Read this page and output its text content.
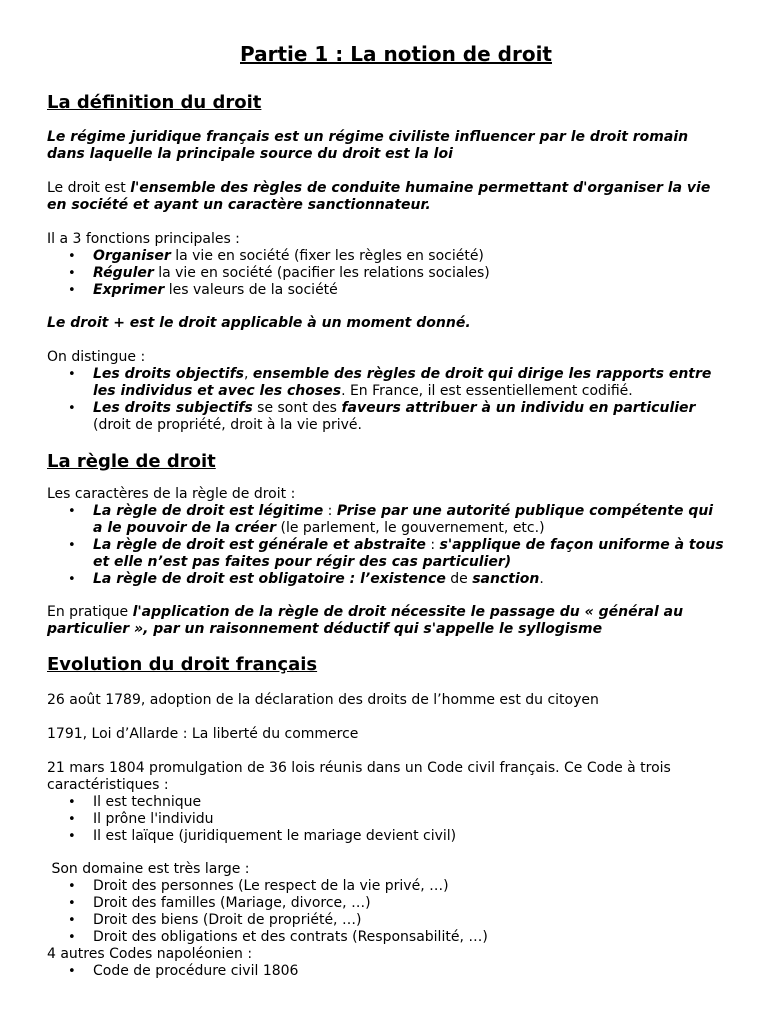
Partie 1 : La notion de droit
La définition du droit

Le régime juridique français est un régime civiliste influencer par le droit romain dans laquelle la principale source du droit est la loi

Le droit est l'ensemble des règles de conduite humaine permettant d'organiser la vie en société et ayant un caractère sanctionnateur.

Il a 3 fonctions principales :

• Organiser la vie en société (fixer les règles en société)
• Réguler la vie en société (pacifier les relations sociales)
• Exprimer les valeurs de la société

Le droit + est le droit applicable à un moment donné.

On distingue :

• Les droits objectifs, ensemble des règles de droit qui dirige les rapports entre les individus et avec les choses. En France, il est essentiellement codifié.
• Les droits subjectifs se sont des faveurs attribuer à un individu en particulier (droit de propriété, droit à la vie privé.
La règle de droit

Les caractères de la règle de droit :

• La règle de droit est légitime : Prise par une autorité publique compétente qui a le pouvoir de la créer (le parlement, le gouvernement, etc.)
• La règle de droit est générale et abstraite : s'applique de façon uniforme à tous et elle n’est pas faites pour régir des cas particulier)
• La règle de droit est obligatoire : l’existence de sanction.

En pratique l'application de la règle de droit nécessite le passage du « général au particulier », par un raisonnement déductif qui s'appelle le syllogisme

Evolution du droit français

26 août 1789, adoption de la déclaration des droits de l’homme est du citoyen

1791, Loi d’Allarde : La liberté du commerce

21 mars 1804 promulgation de 36 lois réunis dans un Code civil français. Ce Code à trois caractéristiques :

• Il est technique
• Il prône l'individu
• Il est laïque (juridiquement le mariage devient civil)

Son domaine est très large :

• Droit des personnes (Le respect de la vie privé, …)
• Droit des familles (Mariage, divorce, …)
• Droit des biens (Droit de propriété, …)
• Droit des obligations et des contrats (Responsabilité, …)

4 autres Codes napoléonien :

• Code de procédure civil 1806
